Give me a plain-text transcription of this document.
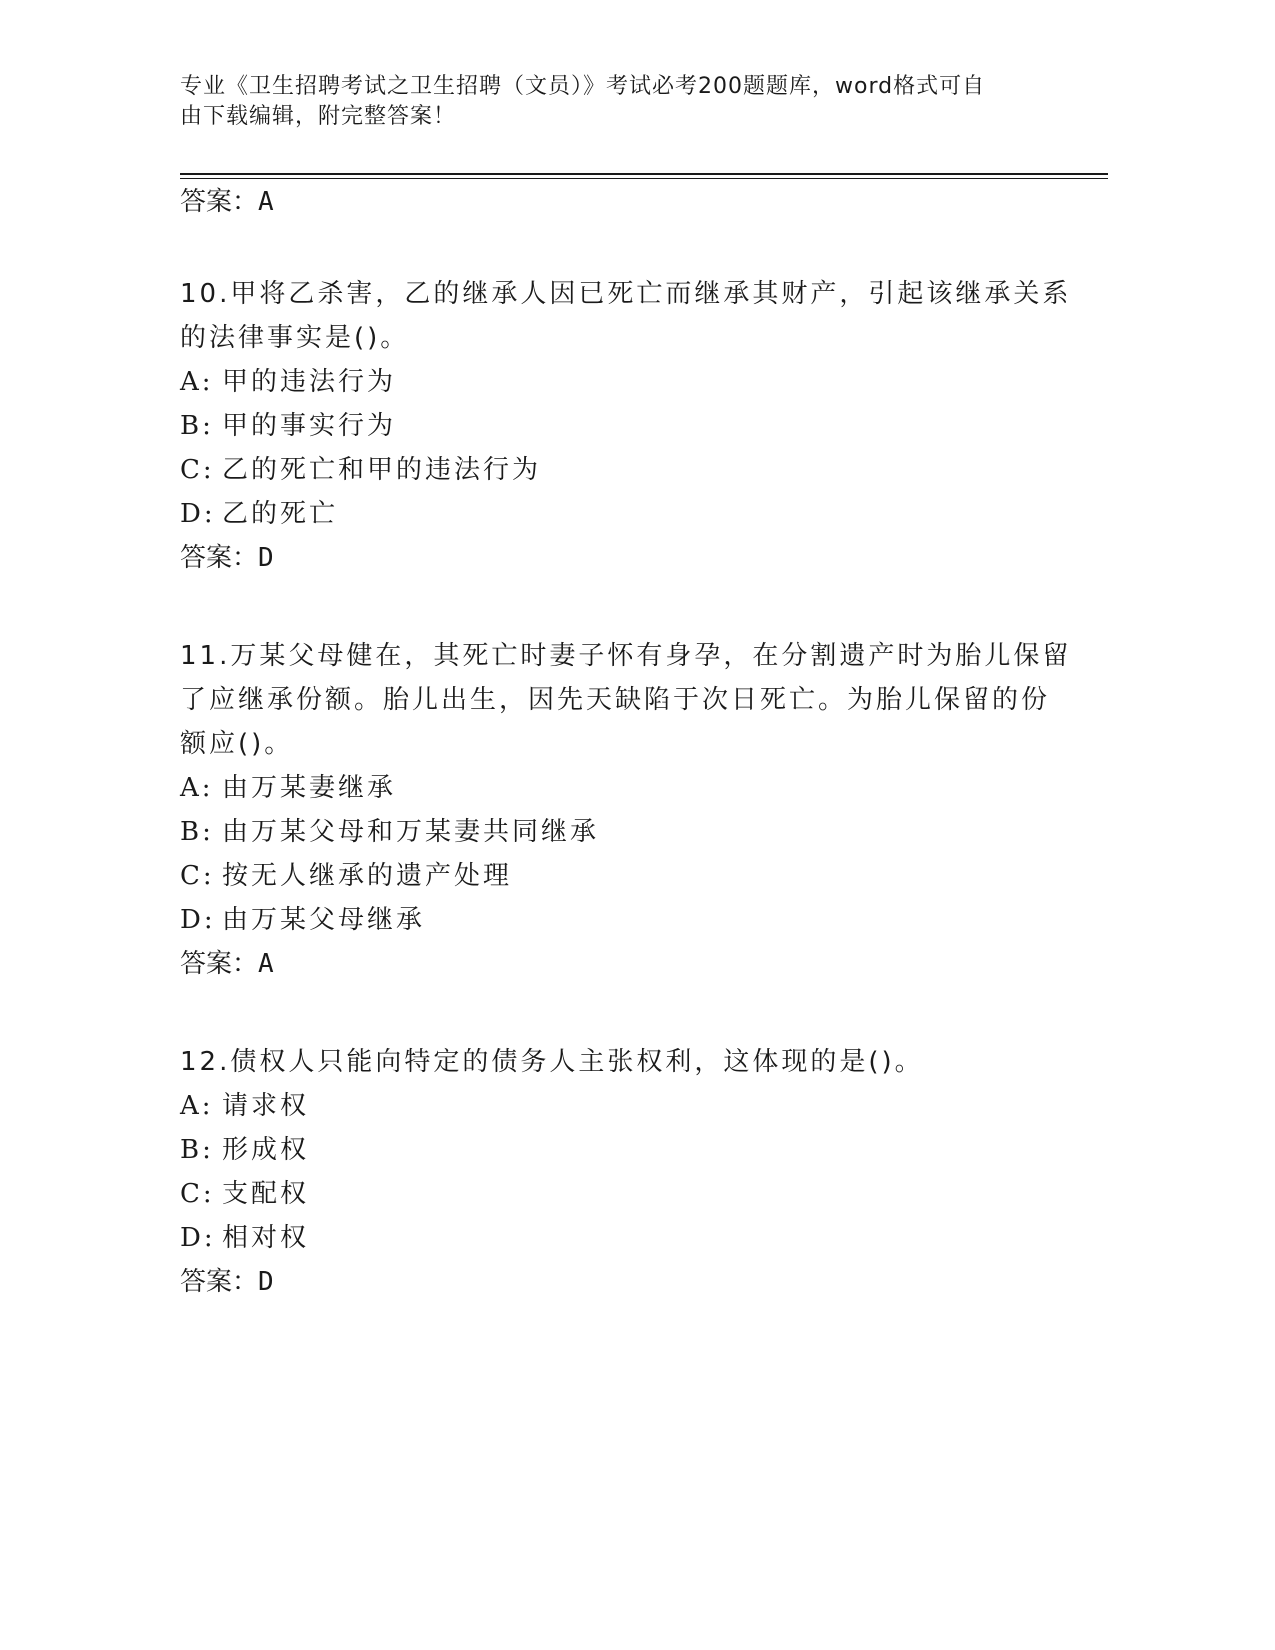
专业《卫生招聘考试之卫生招聘（文员）》考试必考200题题库，word格式可自
由下载编辑，附完整答案！
答案：A
10.甲将乙杀害，乙的继承人因已死亡而继承其财产，引起该继承关系
的法律事实是()。
A: 甲的违法行为
B: 甲的事实行为
C: 乙的死亡和甲的违法行为
D: 乙的死亡
答案：D
11.万某父母健在，其死亡时妻子怀有身孕，在分割遗产时为胎儿保留
了应继承份额。胎儿出生，因先天缺陷于次日死亡。为胎儿保留的份
额应()。
A: 由万某妻继承
B: 由万某父母和万某妻共同继承
C: 按无人继承的遗产处理
D: 由万某父母继承
答案：A
12.债权人只能向特定的债务人主张权利，这体现的是()。
A: 请求权
B: 形成权
C: 支配权
D: 相对权
答案：D
